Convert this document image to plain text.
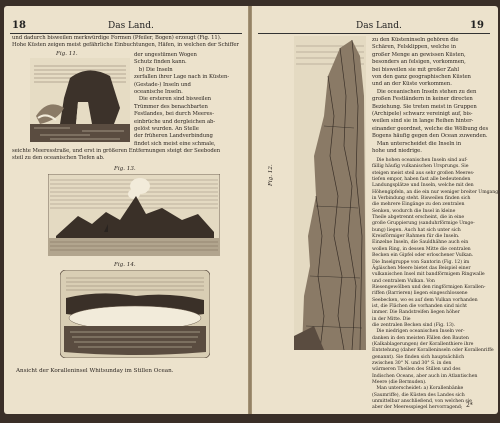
18	Das Land.
und dadurch bisweilen merkwürdige Formen (Pfeiler, Bogen) erzeugt (Fig. 11).
Hohe Küsten zeigen meist gefährliche Einbuchtungen, Häfen, in welchen der Schiffer
Fig. 11.	der ungestümen Wogen
Schutz finden kann.
b) Die Inseln
zerfallen ihrer Lage nach in Küsten-
(Gestade-) Inseln und
oceanische Inseln.
Die ersteren sind bisweilen
Trümmer des benachbarten
Festlandes, bei durch Meeres-
einbrüche und dergleichen ab-
gelöst wurden. An Stelle
der früheren Landverbindung
findet sich meist eine schmale,
seichte Meeresstraße, und erst in größeren Entfernungen steigt der Seeboden
steil zu den oceanischen Tiefen ab.
Fig. 13.
Fig. 14.
Ansicht der Koralleninsel Whitsunday im Stillen Ocean.
Das Land.	19
Fig. 12.
zu den Küsteninseln gehören die
Schären, Felsklippen, welche in
großer Menge an gewissen Küsten,
besonders an felsigen, vorkommen,
bei bisweilen sie mit großer Zahl
von den ganz geographischen Küsten
und an der Küste vorkommen.
Die oceanischen Inseln stehen zu den
großen Festländern in keiner directen
Beziehung. Sie treten meist in Gruppen
(Archipele) schwarz vereinigt auf, bis-
weilen sind sie in lange Reihen hinter-
einander geordnet, welche die Wölbung des
Bogens häufig gegen den Ocean zuwenden.
Man unterscheidet die Inseln in
hohe und niedrige.
Die hohen oceanischen Inseln sind auf-
fällig häufig vulkanischen Ursprungs. Sie
steigen meist steil aus sehr großen Meeres-
tiefen empor, haben fast alle bedeutenden
Landungsplätze und Inseln, welche mit den
Höhengipfeln, an die ein nur weniger breiter Umgang
in Verbindung steht. Bisweilen finden sich
die mehrere Eingänge zu den zentralen
Senken, wodurch die Insel in kleine
Theile abgetrennt erscheint, die in eine
große Gruppierung (sanduhrförmige Umge-
bung) liegen. Auch hat sich unter sich
Kreisförmiger Rahmen für die Inseln.
Einzelne Inseln, die Sauldhähne auch ein
wollen Ring, in dessen Mitte die centralen
Becken ein Gipfel oder erloschener Vulkan.
Die Inselgruppe von Santorin (Fig. 12) im
Ägäischen Meere bietet das Beispiel einer
vulkanischen Insel mit bandförmigem Ringwalle
und centralem Vulkan. Von
Riesengewölben und den ringförmigen Korallen-
riffen (Barrieren) liegen eingeschlossene
Seebecken, wo es auf dem Vulkan vorhanden
ist, die Flächen die vorhanden sind nicht
immer. Die Randstreifen liegen höher
in der Mitte. Die
die zentralen Becken sind (Fig. 13).
Die niedrigen oceanischen Inseln ver-
danken in den meisten Fällen den Bauten
(Kalkablagerungen) der Korallenthiere ihre
Entstehung (daher Koralleninseln oder Korallenriffe
genannt). Sie finden sich hauptsächlich
zwischen 30° N. und 30° S. in den
wärmeren Theilen des Stillen und des
Indischen Oceans, aber auch im Atlantischen
Meere (die Bermuden).
Man unterscheidet: a) Korallenbänke
(Saumriffe), die Küsten des Landes sich
unmittelbar anschließend, von welchen sie
aber der Meeresspiegel hervorragend; 2*
